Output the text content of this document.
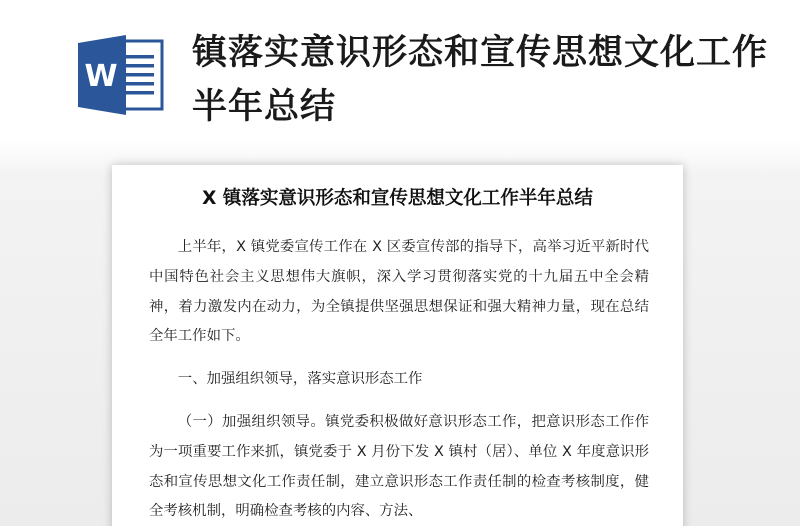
W
镇落实意识形态和宣传思想文化工作半年总结
X 镇落实意识形态和宣传思想文化工作半年总结

上半年，X 镇党委宣传工作在 X 区委宣传部的指导下，高举习近平新时代中国特色社会主义思想伟大旗帜，深入学习贯彻落实党的十九届五中全会精神，着力激发内在动力，为全镇提供坚强思想保证和强大精神力量，现在总结全年工作如下。

一、加强组织领导，落实意识形态工作

（一）加强组织领导。镇党委积极做好意识形态工作，把意识形态工作作为一项重要工作来抓，镇党委于 X 月份下发 X 镇村（居）、单位 X 年度意识形态和宣传思想文化工作责任制，建立意识形态工作责任制的检查考核制度，健全考核机制，明确检查考核的内容、方法、
